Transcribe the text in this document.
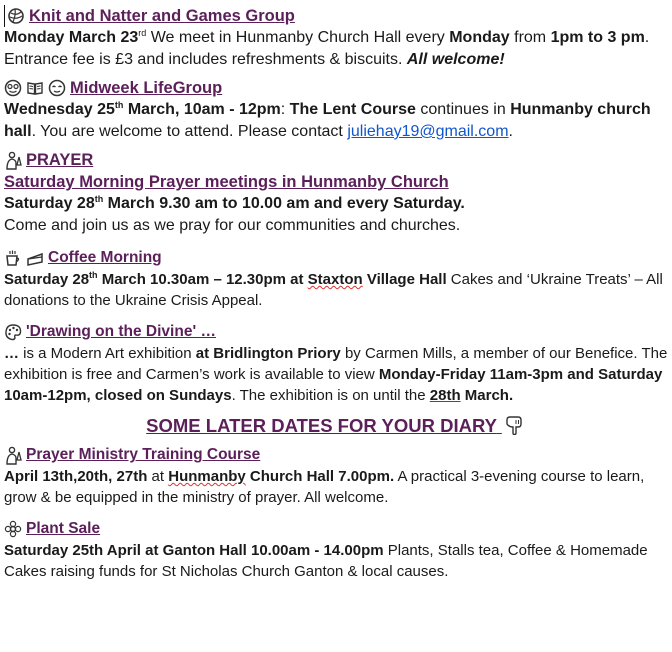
Knit and Natter and Games Group

Monday March 23rd We meet in Hunmanby Church Hall every Monday from 1pm to 3 pm. Entrance fee is £3 and includes refreshments & biscuits. All welcome!

Midweek LifeGroup

Wednesday 25th March, 10am - 12pm: The Lent Course continues in Hunmanby church hall. You are welcome to attend. Please contact juliehay19@gmail.com.

PRAYER
Saturday Morning Prayer meetings in Hunmanby Church

Saturday 28th March 9.30 am to 10.00 am and every Saturday.

Come and join us as we pray for our communities and churches.

Coffee Morning

Saturday 28th March 10.30am – 12.30pm at Staxton Village Hall Cakes and ‘Ukraine Treats’ – All donations to the Ukraine Crisis Appeal.

'Drawing on the Divine' …

… is a Modern Art exhibition at Bridlington Priory by Carmen Mills, a member of our Benefice. The exhibition is free and Carmen’s work is available to view Monday-Friday 11am-3pm and Saturday 10am-12pm, closed on Sundays. The exhibition is on until the 28th March.

SOME LATER DATES FOR YOUR DIARY
Prayer Ministry Training Course

April 13th,20th, 27th at Hunmanby Church Hall 7.00pm. A practical 3-evening course to learn, grow & be equipped in the ministry of prayer. All welcome.

Plant Sale

Saturday 25th April at Ganton Hall 10.00am - 14.00pm Plants, Stalls tea, Coffee & Homemade Cakes raising funds for St Nicholas Church Ganton & local causes.
